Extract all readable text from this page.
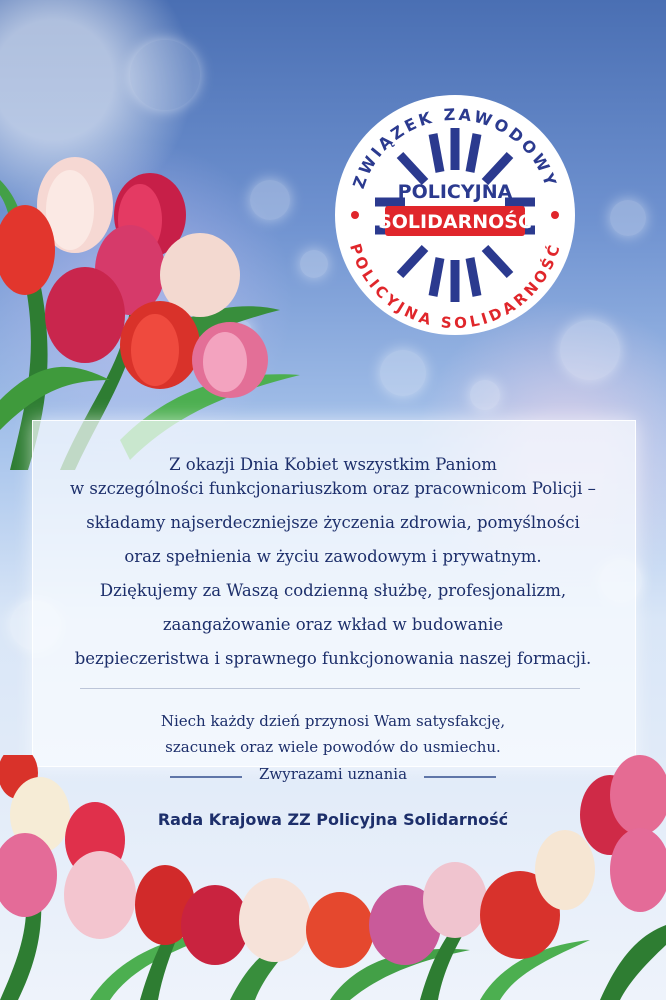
ZWIĄZEK ZAWODOWY
POLICYJNA SOLIDARNOŚĆ
POLICYJNA
SOLIDARNOŚĆ
Z okazji Dnia Kobiet wszystkim Paniom
w szczególności funkcjonariuszkom oraz pracownicom Policji –
składamy najserdeczniejsze życzenia zdrowia, pomyślności
oraz spełnienia w życiu zawodowym i prywatnym.
Dziękujemy za Waszą codzienną służbę, profesjonalizm,
zaangażowanie oraz wkład w budowanie
bezpieczeristwa i sprawnego funkcjonowania naszej formacji.
Niech każdy dzień przynosi Wam satysfakcję,
szacunek oraz wiele powodów do usmiechu.
Zwyrazami uznania
Rada Krajowa ZZ Policyjna Solidarność
